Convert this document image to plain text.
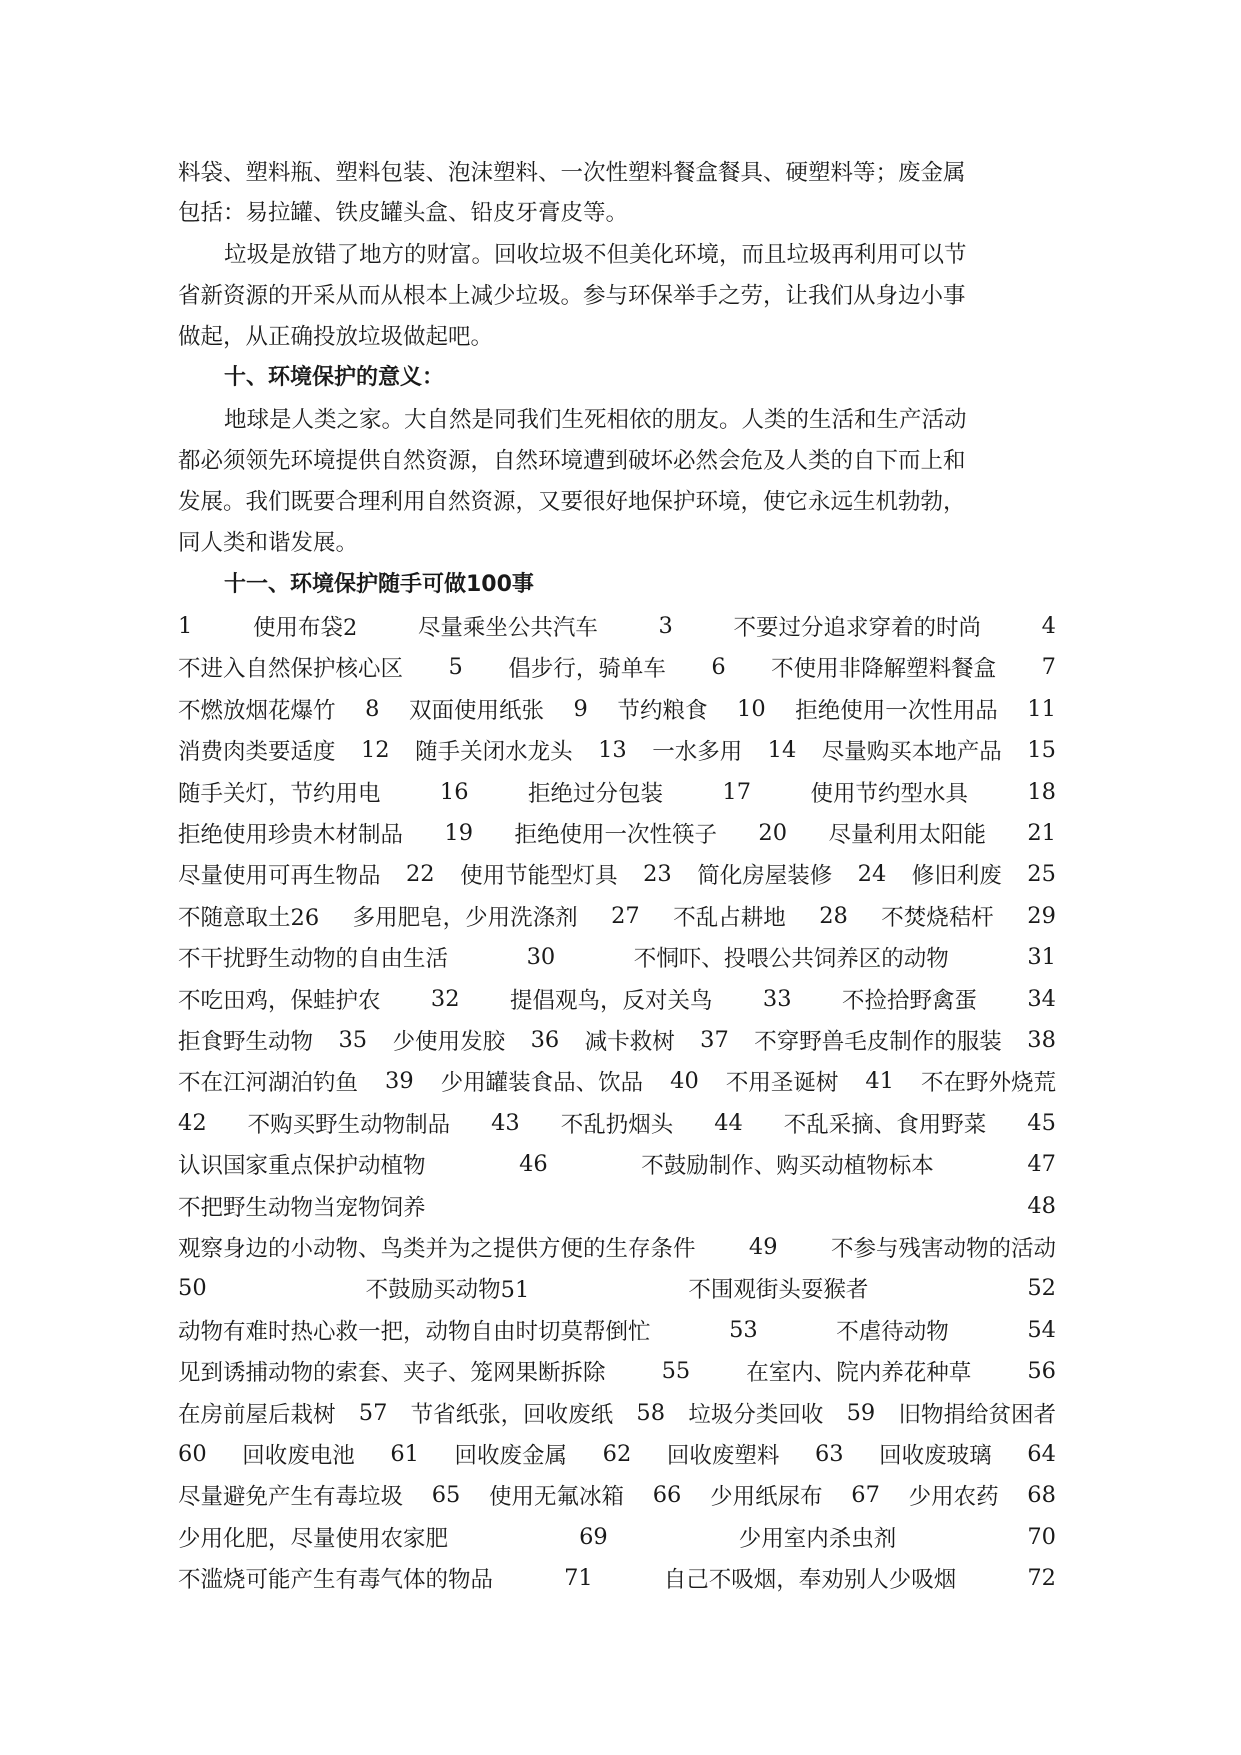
料袋、塑料瓶、塑料包装、泡沫塑料、一次性塑料餐盒餐具、硬塑料等；废金属
包括：易拉罐、铁皮罐头盒、铅皮牙膏皮等。
垃圾是放错了地方的财富。回收垃圾不但美化环境，而且垃圾再利用可以节
省新资源的开采从而从根本上减少垃圾。参与环保举手之劳，让我们从身边小事
做起，从正确投放垃圾做起吧。
十、环境保护的意义：
地球是人类之家。大自然是同我们生死相依的朋友。人类的生活和生产活动
都必须领先环境提供自然资源，自然环境遭到破坏必然会危及人类的自下而上和
发展。我们既要合理利用自然资源，又要很好地保护环境，使它永远生机勃勃，
同人类和谐发展。
十一、环境保护随手可做100事
1	使用布袋2	尽量乘坐公共汽车	3	不要过分追求穿着的时尚	4
不进入自然保护核心区 5 倡步行，骑单车 6 不使用非降解塑料餐盒 7
不燃放烟花爆竹 8 双面使用纸张 9 节约粮食 10 拒绝使用一次性用品 11
消费肉类要适度 12 随手关闭水龙头 13 一水多用 14 尽量购买本地产品 15
随手关灯，节约用电	16	拒绝过分包装	17	使用节约型水具	18
拒绝使用珍贵木材制品 19 拒绝使用一次性筷子 20 尽量利用太阳能 21
尽量使用可再生物品 22 使用节能型灯具 23 简化房屋装修 24 修旧利废 25
不随意取土26 多用肥皂，少用洗涤剂 27 不乱占耕地 28 不焚烧秸杆 29
不干扰野生动物的自由生活	30	不恫吓、投喂公共饲养区的动物	31
不吃田鸡，保蛙护农 32 提倡观鸟，反对关鸟 33 不捡拾野禽蛋 34
拒食野生动物 35 少使用发胶 36 减卡救树 37 不穿野兽毛皮制作的服装 38
不在江河湖泊钓鱼 39 少用罐装食品、饮品 40 不用圣诞树 41 不在野外烧荒
42 不购买野生动物制品 43 不乱扔烟头 44 不乱采摘、食用野菜 45
认识国家重点保护动植物	46	不鼓励制作、购买动植物标本	47
不把野生动物当宠物饲养	48
观察身边的小动物、鸟类并为之提供方便的生存条件 49 不参与残害动物的活动
50	不鼓励买动物51	不围观街头耍猴者	52
动物有难时热心救一把，动物自由时切莫帮倒忙	53	不虐待动物	54
见到诱捕动物的索套、夹子、笼网果断拆除 55 在室内、院内养花种草 56
在房前屋后栽树 57 节省纸张，回收废纸 58 垃圾分类回收 59 旧物捐给贫困者
60 回收废电池 61 回收废金属 62 回收废塑料 63 回收废玻璃 64
尽量避免产生有毒垃圾 65 使用无氟冰箱 66 少用纸尿布 67 少用农药 68
少用化肥，尽量使用农家肥	69	少用室内杀虫剂	70
不滥烧可能产生有毒气体的物品	71	自己不吸烟，奉劝别人少吸烟	72
